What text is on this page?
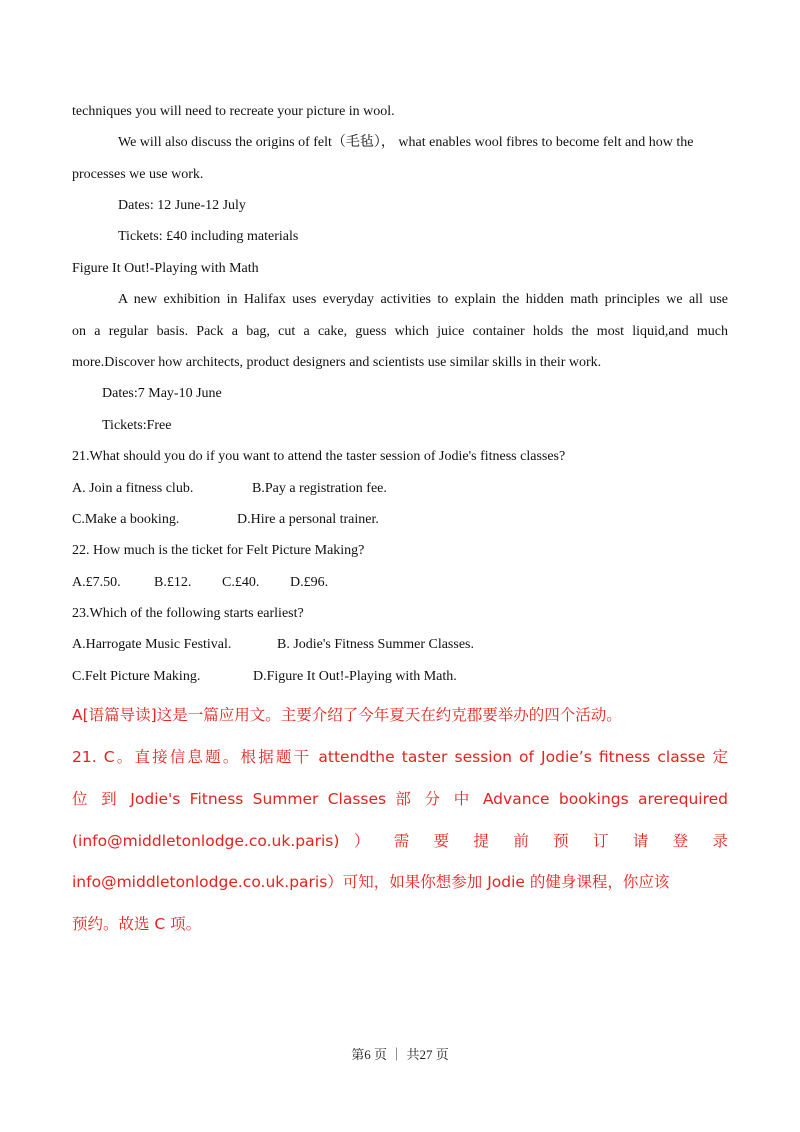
techniques you will need to recreate your picture in wool.
We will also discuss the origins of felt（毛毡）， what enables wool fibres to become felt and how the
processes we use work.
Dates: 12 June-12 July
Tickets: £40 including materials
Figure It Out!-Playing with Math
A new exhibition in Halifax uses everyday activities to explain the hidden math principles we all use
on a regular basis. Pack a bag, cut a cake, guess which juice container holds the most liquid,and much
more.Discover how architects, product designers and scientists use similar skills in their work.
Dates:7 May-10 June
Tickets:Free
21.What should you do if you want to attend the taster session of Jodie's fitness classes?
A. Join a fitness club.	B.Pay a registration fee.
C.Make a booking.	D.Hire a personal trainer.
22. How much is the ticket for Felt Picture Making?
A.£7.50. B.£12. C.£40. D.£96.
23.Which of the following starts earliest?
A.Harrogate Music Festival.	B. Jodie's Fitness Summer Classes.
C.Felt Picture Making.	D.Figure It Out!-Playing with Math.
A[语篇导读]这是一篇应用文。主要介绍了今年夏天在约克郡要举办的四个活动。
21. C。直接信息题。根据题干 attendthe taster session of Jodie’s fitness classe 定
位 到 Jodie's Fitness Summer Classes 部 分 中 Advance bookings arerequired
(info@middletonlodge.co.uk.paris) ） 需 要 提 前 预 订 请 登 录
info@middletonlodge.co.uk.paris）可知，如果你想参加 Jodie 的健身课程，你应该
预约。故选 C 项。
第6 页 ｜ 共27 页
